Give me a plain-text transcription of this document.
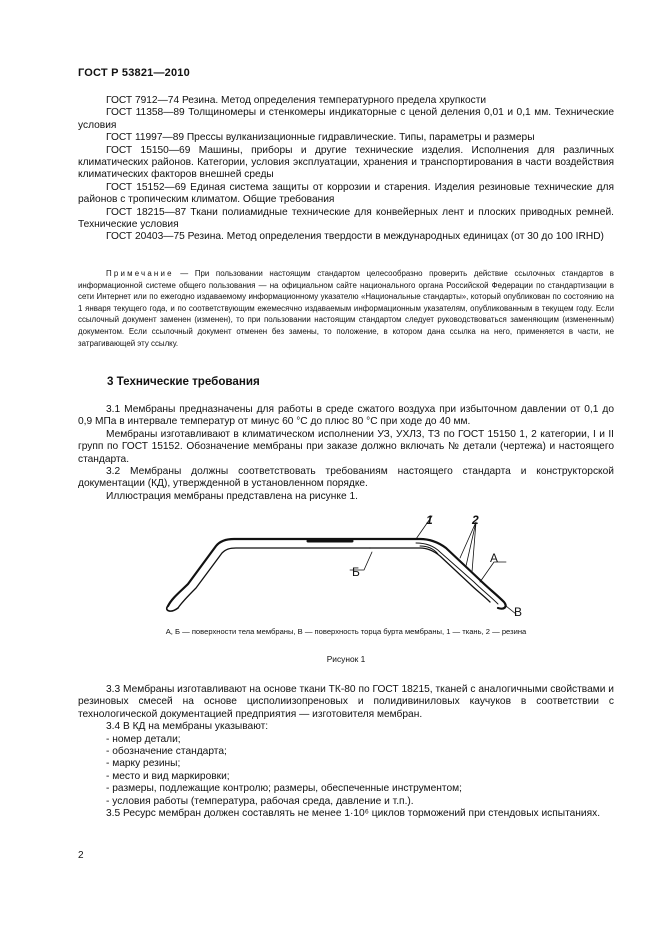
ГОСТ Р 53821—2010

ГОСТ 7912—74 Резина. Метод определения температурного предела хрупкости

ГОСТ 11358—89 Толщиномеры и стенкомеры индикаторные с ценой деления 0,01 и 0,1 мм. Технические условия

ГОСТ 11997—89 Прессы вулканизационные гидравлические. Типы, параметры и размеры

ГОСТ 15150—69 Машины, приборы и другие технические изделия. Исполнения для различных климатических районов. Категории, условия эксплуатации, хранения и транспортирования в части воздействия климатических факторов внешней среды

ГОСТ 15152—69 Единая система защиты от коррозии и старения. Изделия резиновые технические для районов с тропическим климатом. Общие требования

ГОСТ 18215—87 Ткани полиамидные технические для конвейерных лент и плоских приводных ремней. Технические условия

ГОСТ 20403—75 Резина. Метод определения твердости в международных единицах (от 30 до 100 IRHD)

Примечание — При пользовании настоящим стандартом целесообразно проверить действие ссылочных стандартов в информационной системе общего пользования — на официальном сайте национального органа Российской Федерации по стандартизации в сети Интернет или по ежегодно издаваемому информационному указателю «Национальные стандарты», который опубликован по состоянию на 1 января текущего года, и по соответствующим ежемесячно издаваемым информационным указателям, опубликованным в текущем году. Если ссылочный документ заменен (изменен), то при пользовании настоящим стандартом следует руководствоваться заменяющим (измененным) документом. Если ссылочный документ отменен без замены, то положение, в котором дана ссылка на него, применяется в части, не затрагивающей эту ссылку.

3 Технические требования

3.1 Мембраны предназначены для работы в среде сжатого воздуха при избыточном давлении от 0,1 до 0,9 МПа в интервале температур от минус 60 °С до плюс 80 °С при ходе до 40 мм.

Мембраны изготавливают в климатическом исполнении УЗ, УХЛ3, ТЗ по ГОСТ 15150 1, 2 категории, I и II групп по ГОСТ 15152. Обозначение мембраны при заказе должно включать № детали (чертежа) и настоящего стандарта.

3.2 Мембраны должны соответствовать требованиям настоящего стандарта и конструкторской документации (КД), утвержденной в установленном порядке.

Иллюстрация мембраны представлена на рисунке 1.

1	2
А
Б
В
А, Б — поверхности тела мембраны, В — поверхность торца бурта мембраны, 1 — ткань, 2 — резина
Рисунок 1

3.3 Мембраны изготавливают на основе ткани ТК-80 по ГОСТ 18215, тканей с аналогичными свойствами и резиновых смесей на основе цисполиизопреновых и полидивиниловых каучуков в соответствии с технологической документацией предприятия — изготовителя мембран.

3.4 В КД на мембраны указывают:

- номер детали;
- обозначение стандарта;
- марку резины;
- место и вид маркировки;
- размеры, подлежащие контролю; размеры, обеспеченные инструментом;
- условия работы (температура, рабочая среда, давление и т.п.).

3.5 Ресурс мембран должен составлять не менее 1·10⁶ циклов торможений при стендовых испытаниях.

2
